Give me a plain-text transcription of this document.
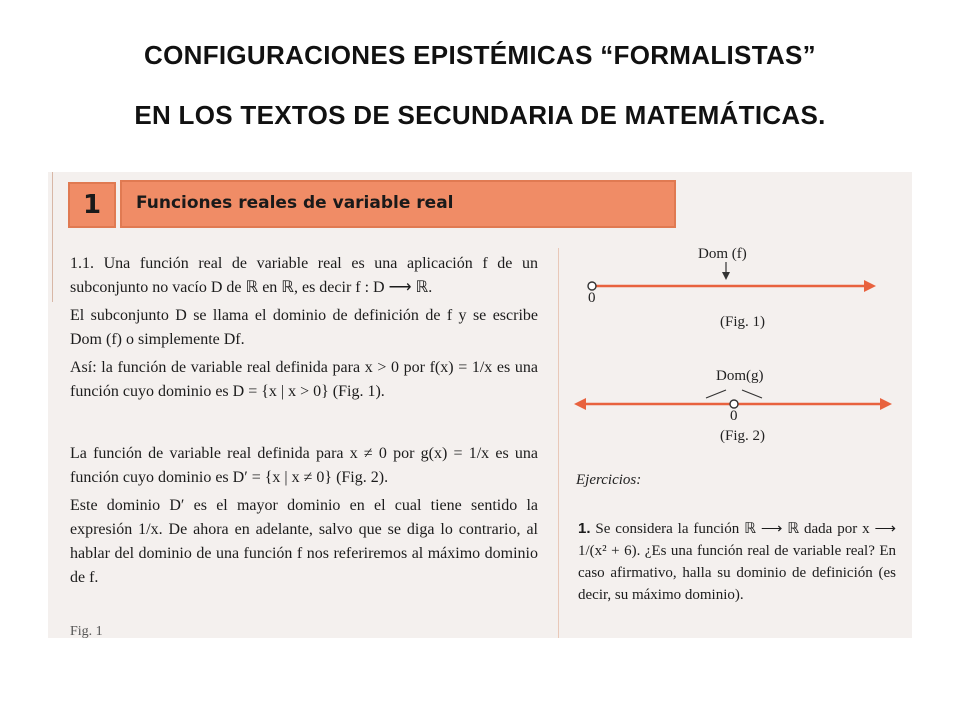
CONFIGURACIONES EPISTÉMICAS “FORMALISTAS”
EN LOS TEXTOS DE SECUNDARIA DE MATEMÁTICAS.
1	Funciones reales de variable real

1.1. Una función real de variable real es una aplicación f de un subconjunto no vacío D de ℝ en ℝ, es decir f : D ⟶ ℝ.

El subconjunto D se llama el dominio de definición de f y se escribe Dom (f) o simplemente Df.

Así: la función de variable real definida para x > 0 por f(x) = 1/x es una función cuyo dominio es D = {x | x > 0} (Fig. 1).

La función de variable real definida para x ≠ 0 por g(x) = 1/x es una función cuyo dominio es D′ = {x | x ≠ 0} (Fig. 2).

Este dominio D′ es el mayor dominio en el cual tiene sentido la expresión 1/x. De ahora en adelante, salvo que se diga lo contrario, al hablar del dominio de una función f nos referiremos al máximo dominio de f.

Dom (f)
0
(Fig. 1)
Dom(g)
0
(Fig. 2)
Ejercicios:
1. Se considera la función ℝ ⟶ ℝ dada por x ⟶ 1/(x² + 6). ¿Es una función real de variable real? En caso afirmativo, halla su dominio de definición (es decir, su máximo dominio).
Fig. 1
